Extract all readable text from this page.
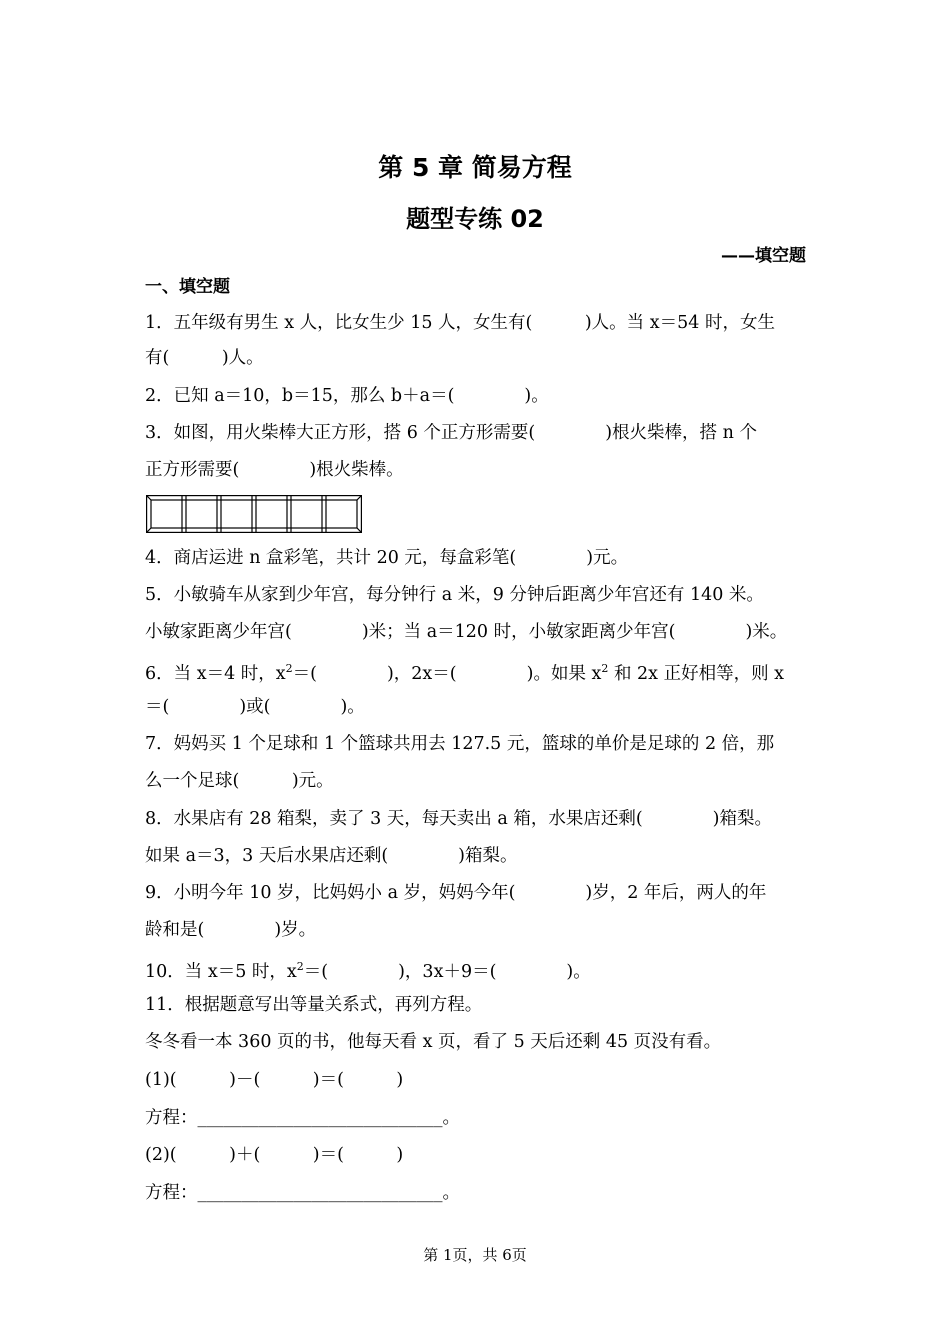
第 5 章 简易方程
题型专练 02
——填空题
一、填空题
1．五年级有男生 x 人，比女生少 15 人，女生有(　　　)人。当 x＝54 时，女生
有(　　　)人。
2．已知 a＝10，b＝15，那么 b＋a＝(　　　　)。
3．如图，用火柴棒大正方形，搭 6 个正方形需要(　　　　)根火柴棒，搭 n 个
正方形需要(　　　　)根火柴棒。
4．商店运进 n 盒彩笔，共计 20 元，每盒彩笔(　　　　)元。
5．小敏骑车从家到少年宫，每分钟行 a 米，9 分钟后距离少年宫还有 140 米。
小敏家距离少年宫(　　　　)米；当 a＝120 时，小敏家距离少年宫(　　　　)米。
6．当 x＝4 时，$x^2=$(　　　　)，2x＝(　　　　)。如果 $x^2$ 和 2x 正好相等，则 x
＝(　　　　)或(　　　　)。
7．妈妈买 1 个足球和 1 个篮球共用去 127.5 元，篮球的单价是足球的 2 倍，那
么一个足球(　　　)元。
8．水果店有 28 箱梨，卖了 3 天，每天卖出 a 箱，水果店还剩(　　　　)箱梨。
如果 a＝3，3 天后水果店还剩(　　　　)箱梨。
9．小明今年 10 岁，比妈妈小 a 岁，妈妈今年(　　　　)岁，2 年后，两人的年
龄和是(　　　　)岁。
10．当 x＝5 时，$x^2=$(　　　　)，3x＋9＝(　　　　)。
11．根据题意写出等量关系式，再列方程。
冬冬看一本 360 页的书，他每天看 x 页，看了 5 天后还剩 45 页没有看。
(1)(　　　)－(　　　)＝(　　　)
方程：____________________________。
(2)(　　　)＋(　　　)＝(　　　)
方程：____________________________。
第 1页，共 6页
